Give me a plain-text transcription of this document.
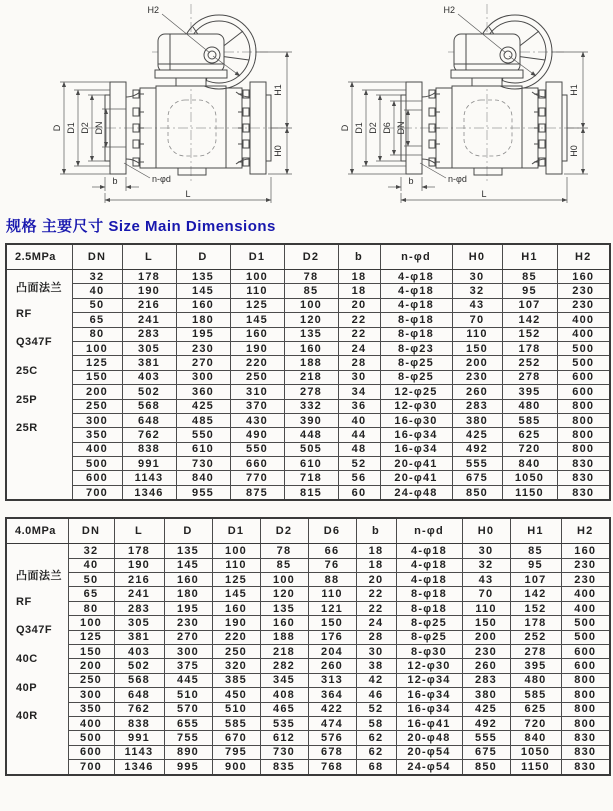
H2
H1
H0
D D1 D2 DN
b
L
n-φd
H2
H1
H0
D D1 D2 D6 DN
b
L
n-φd
规格 主要尺寸 Size Main Dimensions
2.5MPa	DN	L	D	D1	D2	b	n-φd	H0	H1	H2

凸面法兰
RF
Q347F
25C
25P
25R
	32	178	135	100	78	18	4-φ18	30	85	160
	40	190	145	110	85	18	4-φ18	32	95	230
	50	216	160	125	100	20	4-φ18	43	107	230
	65	241	180	145	120	22	8-φ18	70	142	400
	80	283	195	160	135	22	8-φ18	110	152	400
	100	305	230	190	160	24	8-φ23	150	178	500
	125	381	270	220	188	28	8-φ25	200	252	500
	150	403	300	250	218	30	8-φ25	230	278	600
	200	502	360	310	278	34	12-φ25	260	395	600
	250	568	425	370	332	36	12-φ30	283	480	800
	300	648	485	430	390	40	16-φ30	380	585	800
	350	762	550	490	448	44	16-φ34	425	625	800
	400	838	610	550	505	48	16-φ34	492	720	800
	500	991	730	660	610	52	20-φ41	555	840	830
	600	1143	840	770	718	56	20-φ41	675	1050	830
	700	1346	955	875	815	60	24-φ48	850	1150	830
4.0MPa	DN	L	D	D1	D2	D6	b	n-φd	H0	H1	H2

凸面法兰
RF
Q347F
40C
40P
40R
	32	178	135	100	78	66	18	4-φ18	30	85	160
	40	190	145	110	85	76	18	4-φ18	32	95	230
	50	216	160	125	100	88	20	4-φ18	43	107	230
	65	241	180	145	120	110	22	8-φ18	70	142	400
	80	283	195	160	135	121	22	8-φ18	110	152	400
	100	305	230	190	160	150	24	8-φ25	150	178	500
	125	381	270	220	188	176	28	8-φ25	200	252	500
	150	403	300	250	218	204	30	8-φ30	230	278	600
	200	502	375	320	282	260	38	12-φ30	260	395	600
	250	568	445	385	345	313	42	12-φ34	283	480	800
	300	648	510	450	408	364	46	16-φ34	380	585	800
	350	762	570	510	465	422	52	16-φ34	425	625	800
	400	838	655	585	535	474	58	16-φ41	492	720	800
	500	991	755	670	612	576	62	20-φ48	555	840	830
	600	1143	890	795	730	678	62	20-φ54	675	1050	830
	700	1346	995	900	835	768	68	24-φ54	850	1150	830
